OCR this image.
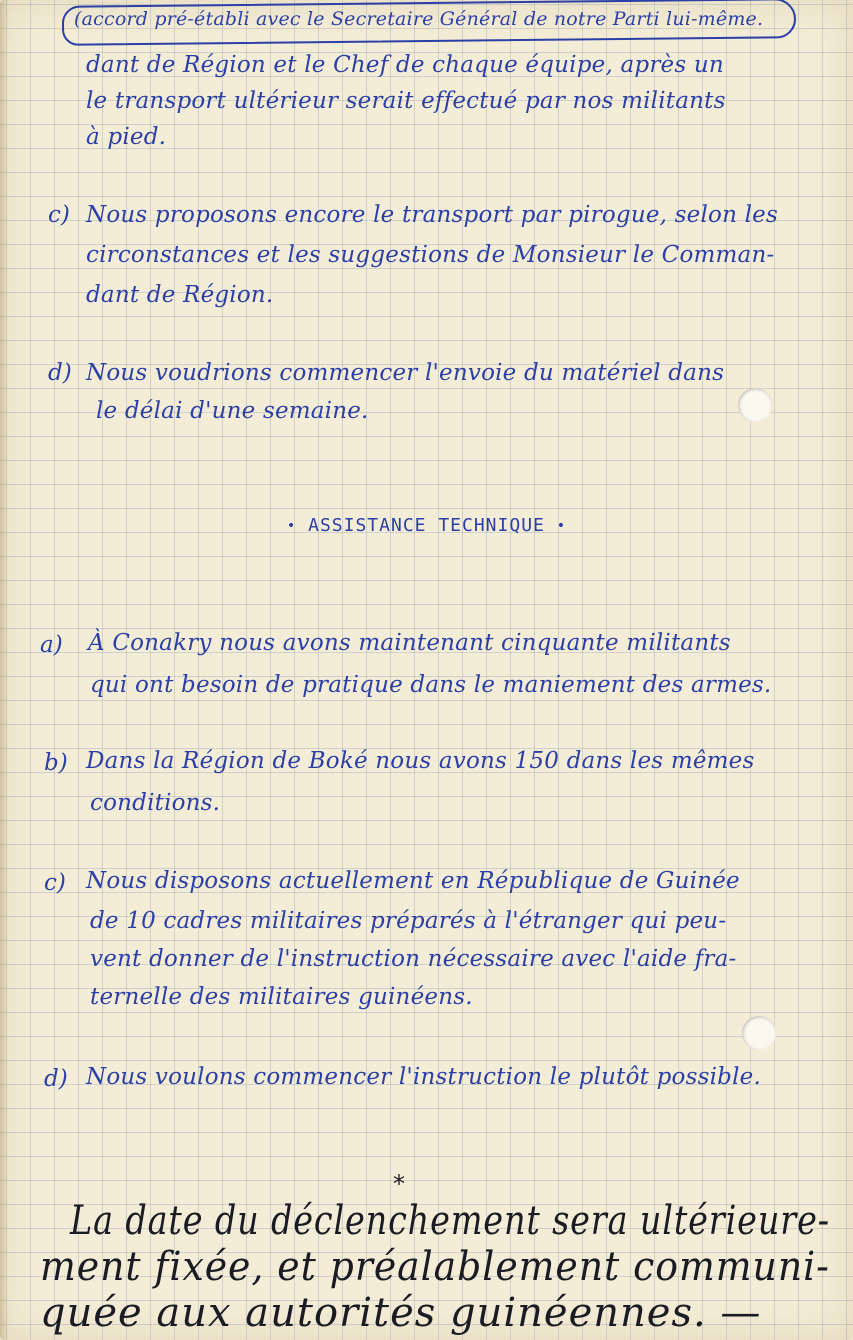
(accord pré-établi avec le Secretaire Général de notre Parti lui-même.
dant de Région et le Chef de chaque équipe, après un
le transport ultérieur serait effectué par nos militants
à pied.
c) Nous proposons encore le transport par pirogue, selon les
circonstances et les suggestions de Monsieur le Comman-
dant de Région.
d) Nous voudrions commencer l'envoie du matériel dans
le délai d'une semaine.
• ASSISTANCE TECHNIQUE •
a) À Conakry nous avons maintenant cinquante militants
qui ont besoin de pratique dans le maniement des armes.
b) Dans la Région de Boké nous avons 150 dans les mêmes
conditions.
c) Nous disposons actuellement en République de Guinée
de 10 cadres militaires préparés à l'étranger qui peu-
vent donner de l'instruction nécessaire avec l'aide fra-
ternelle des militaires guinéens.
d) Nous voulons commencer l'instruction le plutôt possible.
*
La date du déclenchement sera ultérieure-
ment fixée, et préalablement communi-
quée aux autorités guinéennes. —
